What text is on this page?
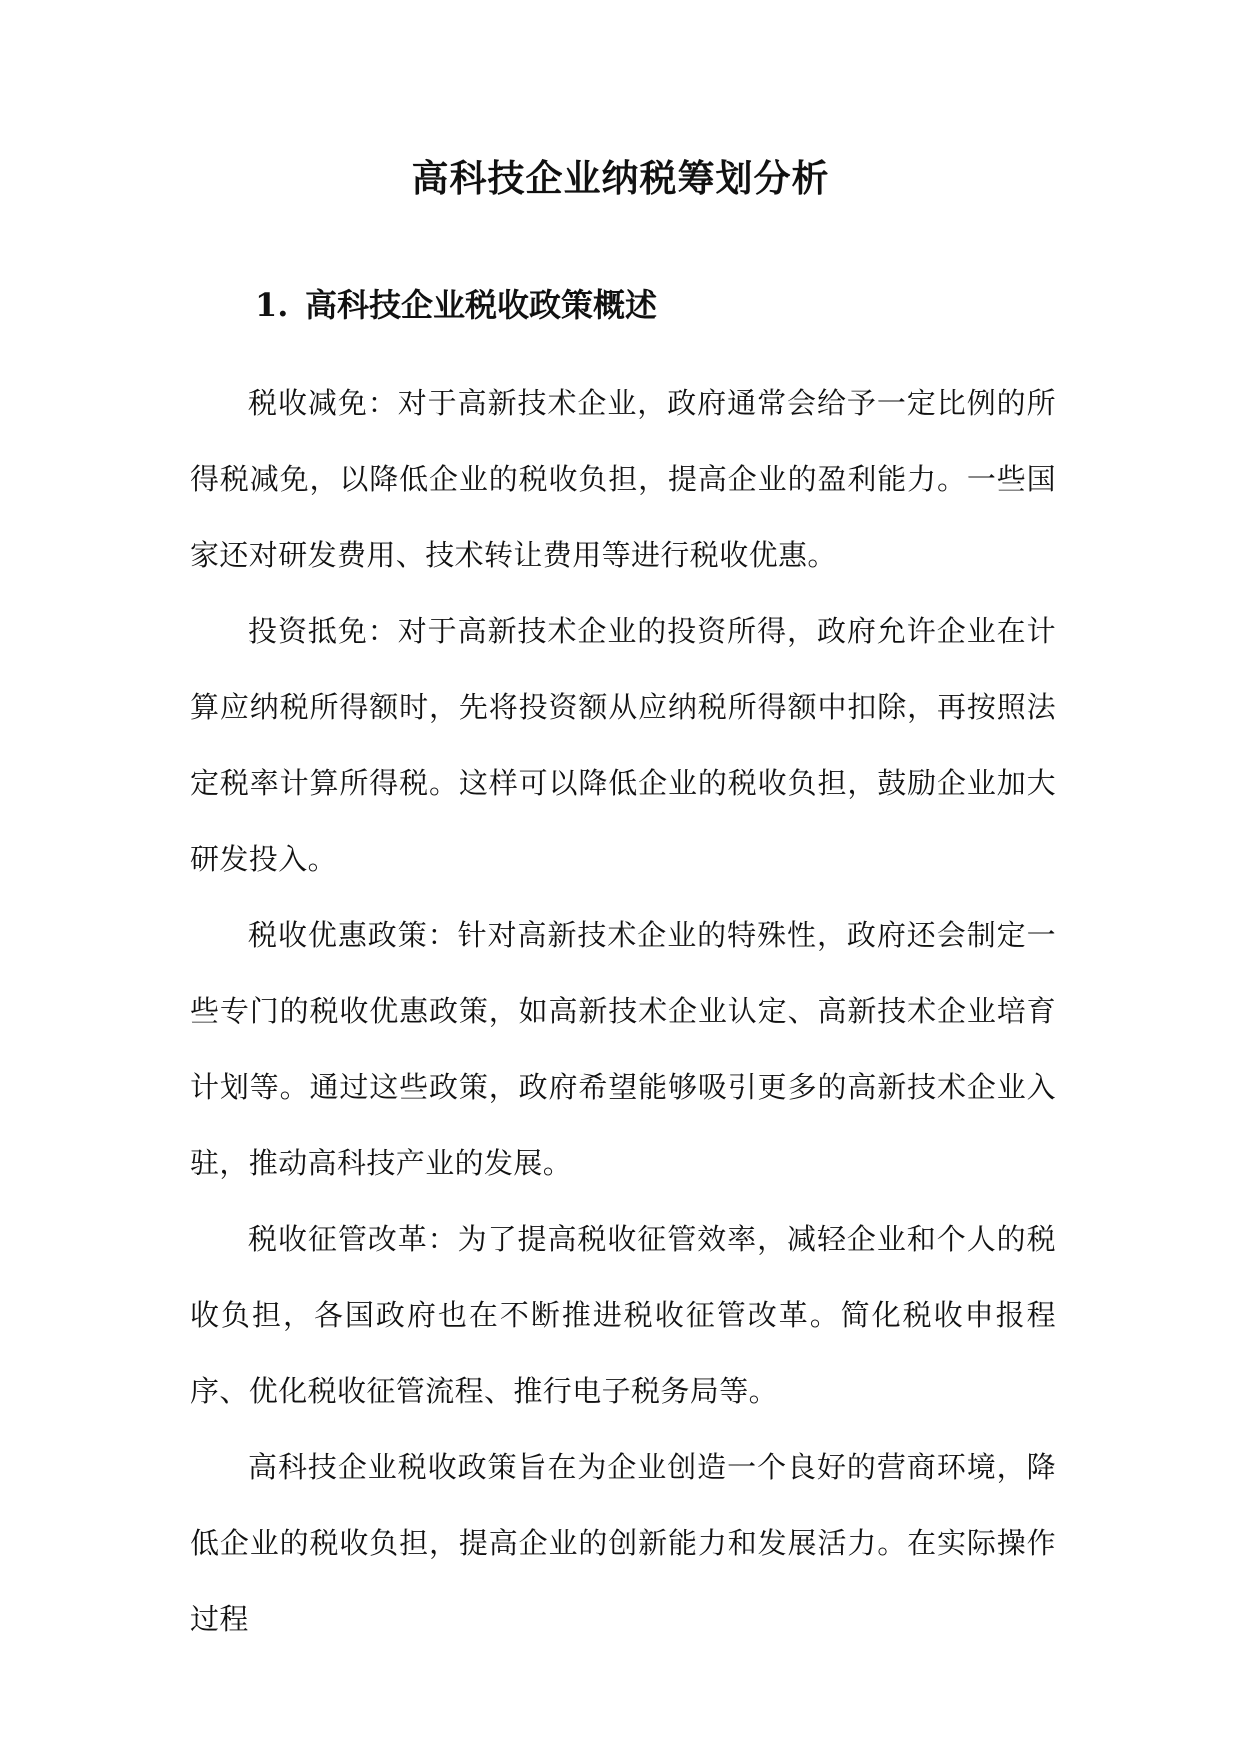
高科技企业纳税筹划分析
1. 高科技企业税收政策概述

税收减免：对于高新技术企业，政府通常会给予一定比例的所得税减免，以降低企业的税收负担，提高企业的盈利能力。一些国家还对研发费用、技术转让费用等进行税收优惠。

投资抵免：对于高新技术企业的投资所得，政府允许企业在计算应纳税所得额时，先将投资额从应纳税所得额中扣除，再按照法定税率计算所得税。这样可以降低企业的税收负担，鼓励企业加大研发投入。

税收优惠政策：针对高新技术企业的特殊性，政府还会制定一些专门的税收优惠政策，如高新技术企业认定、高新技术企业培育计划等。通过这些政策，政府希望能够吸引更多的高新技术企业入驻，推动高科技产业的发展。

税收征管改革：为了提高税收征管效率，减轻企业和个人的税收负担，各国政府也在不断推进税收征管改革。简化税收申报程序、优化税收征管流程、推行电子税务局等。

高科技企业税收政策旨在为企业创造一个良好的营商环境，降低企业的税收负担，提高企业的创新能力和发展活力。在实际操作过程
